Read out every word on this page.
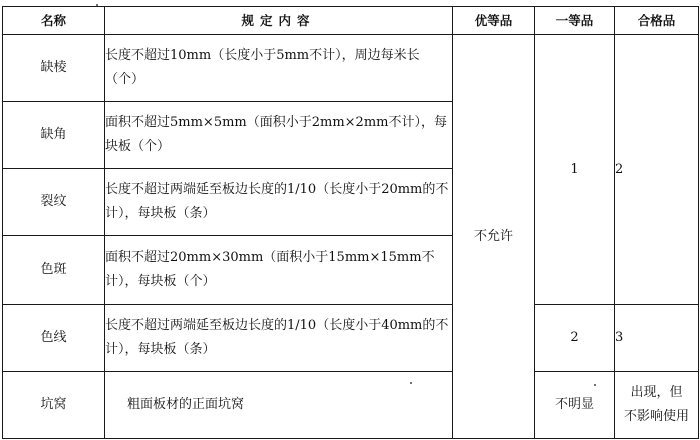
名称	规定内容	优等品	一等品	合格品
缺棱	长度不超过10mm（长度小于5mm不计），周边每米长（个）	不允许	1	2
缺角	面积不超过5mm×5mm（面积小于2mm×2mm不计），每块板（个）			
裂纹	长度不超过两端延至板边长度的1/10（长度小于20mm的不计），每块板（条）			
色斑	面积不超过20mm×30mm（面积小于15mm×15mm不计），每块板（个）			
色线	长度不超过两端延至板边长度的1/10（长度小于40mm的不计），每块板（条）		2	3
坑窝	粗面板材的正面坑窝		不明显	出现，但
不影响使用
